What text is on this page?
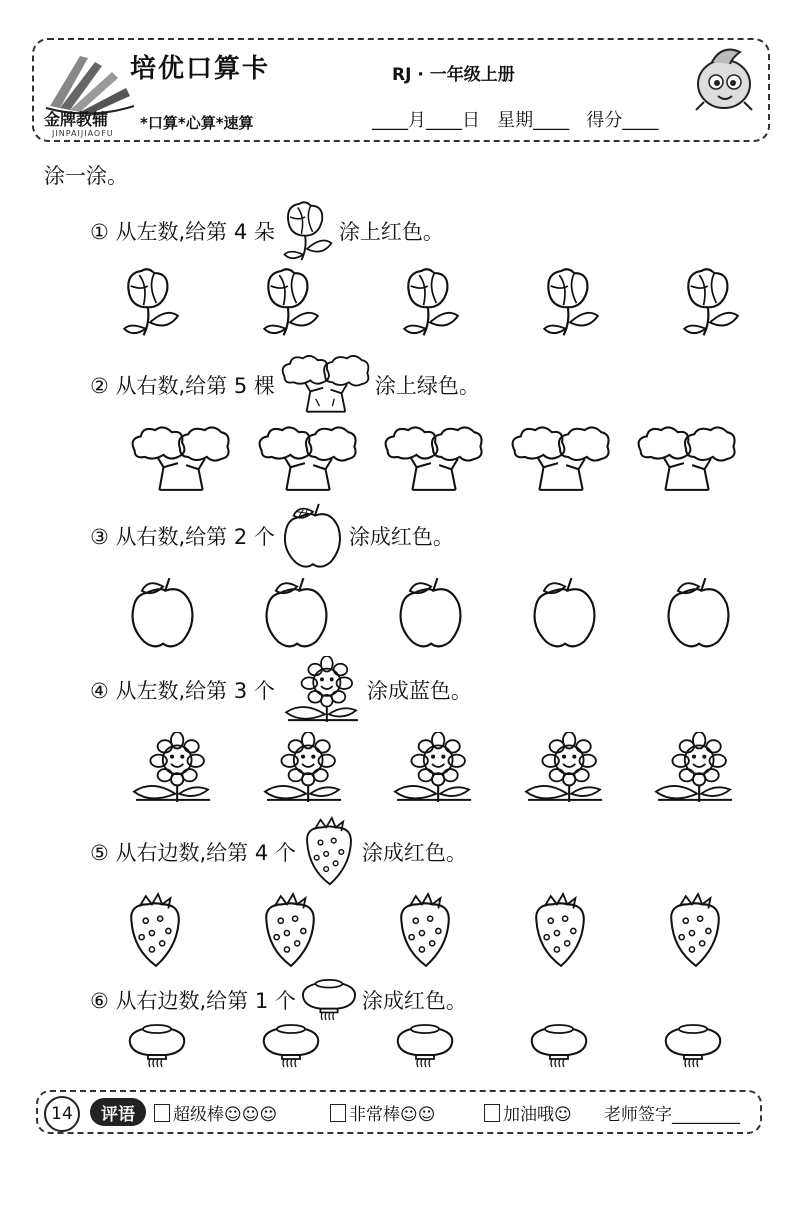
金牌教辅
JINPAIJIAOFU
培优口算卡	RJ · 一年级上册
*口算*心算*速算	____月____日   星期____   得分____
涂一涂。
① 从左数,给第 4 朵	涂上红色。
② 从右数,给第 5 棵	涂上绿色。
③ 从右数,给第 2 个	涂成红色。
④ 从左数,给第 3 个	涂成蓝色。
⑤ 从右边数,给第 4 个	涂成红色。
⑥ 从右边数,给第 1 个	涂成红色。
14	评语	超级棒☺☺☺	非常棒☺☺	加油哦☺ 老师签字________
